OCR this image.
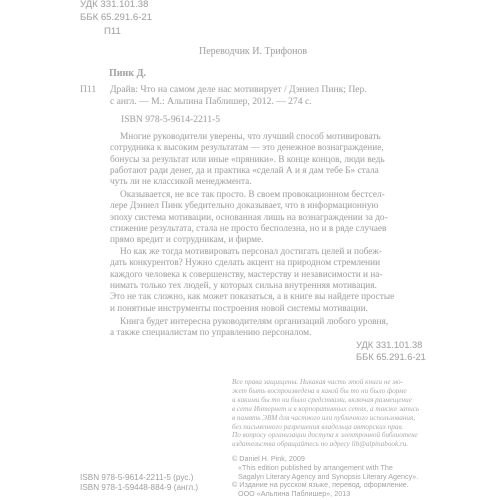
УДК 331.101.38
ББК 65.291.6-21
П11
Переводчик И. Трифонов
Пинк Д.
П11 Драйв: Что на самом деле нас мотивирует / Дэниел Пинк; Пер.
с англ. — М.: Альпина Паблишер, 2012. — 274 с.
ISBN 978-5-9614-2211-5
Многие руководители уверены, что лучший способ мотивировать
сотрудника к высоким результатам — это денежное вознаграждение,
бонусы за результат или иные «пряники». В конце концов, люди ведь
работают ради денег, да и практика «сделай А и я дам тебе Б» стала
чуть ли не классикой менеджмента.
Оказывается, не все так просто. В своем провокационном бестсел-
лере Дэниел Пинк убедительно доказывает, что в информационную
эпоху система мотивации, основанная лишь на вознаграждении за до-
стижение результата, стала не просто бесполезна, но и в ряде случаев
прямо вредит и сотрудникам, и фирме.
Но как же тогда мотивировать персонал достигать целей и побеж-
дать конкурентов? Нужно сделать акцент на природном стремлении
каждого человека к совершенству, мастерству и независимости и на-
нимать только тех людей, у которых сильна внутренняя мотивация.
Это не так сложно, как может показаться, а в книге вы найдете простые
и понятные инструменты построения новой системы мотивации.
Книга будет интересна руководителям организаций любого уровня,
а также специалистам по управлению персоналом.
УДК 331.101.38
ББК 65.291.6-21
Все права защищены. Никакая часть этой книги не мо-
жет быть воспроизведена в какой бы то ни было форме
и какими бы то ни было средствами, включая размещение
в сети Интернет и в корпоративных сетях, а также запись
в память ЭВМ для частного или публичного использования,
без письменного разрешения владельца авторских прав.
По вопросу организации доступа к электронной библиотеке
издательства обращайтесь по адресу lib@alpinabook.ru.
© Daniel H. Pink, 2009
«This edition published by arrangement with The
Sagalyn Literary Agency and Synopsis Literary Agency».
© Издание на русском языке, перевод, оформление.
ООО «Альпина Паблишер», 2013
ISBN 978-5-9614-2211-5 (рус.)
ISBN 978-1-59448-884-9 (англ.)
